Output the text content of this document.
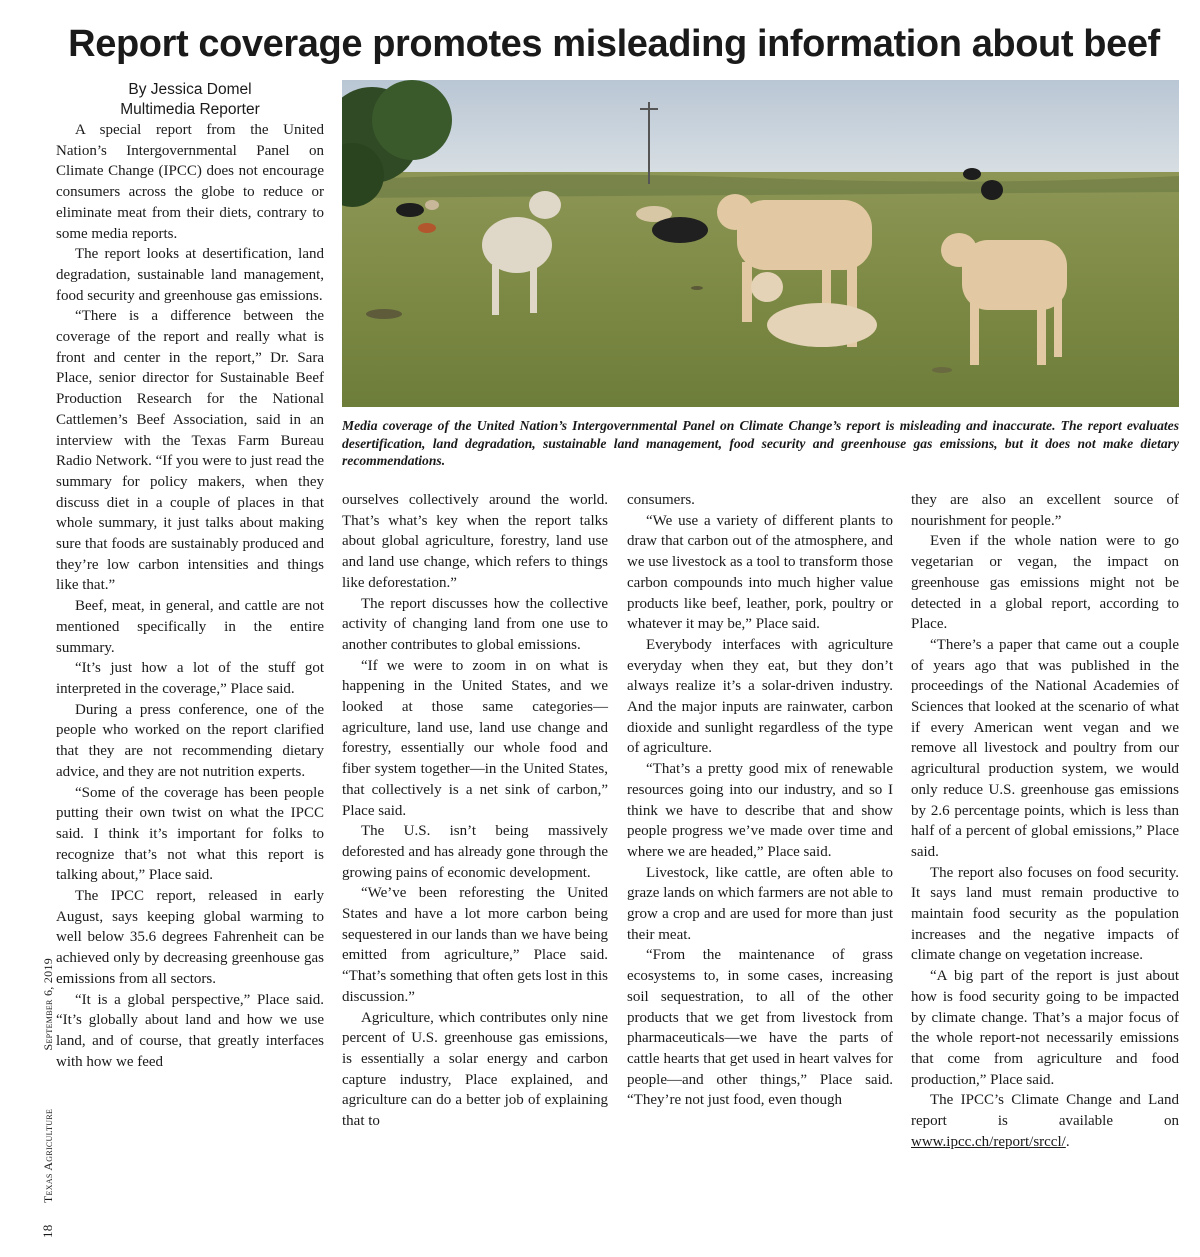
Report coverage promotes misleading information about beef
By Jessica Domel
Multimedia Reporter

A special report from the United Nation’s Intergovernmental Panel on Climate Change (IPCC) does not encourage consumers across the globe to reduce or eliminate meat from their diets, contrary to some media reports.

The report looks at desertification, land degradation, sustainable land management, food security and greenhouse gas emissions.

“There is a difference between the coverage of the report and really what is front and center in the report,” Dr. Sara Place, senior director for Sustainable Beef Production Research for the National Cattlemen’s Beef Association, said in an interview with the Texas Farm Bureau Radio Network. “If you were to just read the summary for policy makers, when they discuss diet in a couple of places in that whole summary, it just talks about making sure that foods are sustainably produced and they’re low carbon intensities and things like that.”

Beef, meat, in general, and cattle are not mentioned specifically in the entire summary.

“It’s just how a lot of the stuff got interpreted in the coverage,” Place said.

During a press conference, one of the people who worked on the report clarified that they are not recommending dietary advice, and they are not nutrition experts.

“Some of the coverage has been people putting their own twist on what the IPCC said. I think it’s important for folks to recognize that’s not what this report is talking about,” Place said.

The IPCC report, released in early August, says keeping global warming to well below 35.6 degrees Fahrenheit can be achieved only by decreasing greenhouse gas emissions from all sectors.

“It is a global perspective,” Place said. “It’s globally about land and how we use land, and of course, that greatly interfaces with how we feed

Media coverage of the United Nation’s Intergovernmental Panel on Climate Change’s report is misleading and inaccurate. The report evaluates desertification, land degradation, sustainable land management, food security and greenhouse gas emissions, but it does not make dietary recommendations.

ourselves collectively around the world. That’s what’s key when the report talks about global agriculture, forestry, land use and land use change, which refers to things like deforestation.”

The report discusses how the collective activity of changing land from one use to another contributes to global emissions.

“If we were to zoom in on what is happening in the United States, and we looked at those same categories—agriculture, land use, land use change and forestry, essentially our whole food and fiber system together—in the United States, that collectively is a net sink of carbon,” Place said.

The U.S. isn’t being massively deforested and has already gone through the growing pains of economic development.

“We’ve been reforesting the United States and have a lot more carbon being sequestered in our lands than we have being emitted from agriculture,” Place said. “That’s something that often gets lost in this discussion.”

Agriculture, which contributes only nine percent of U.S. greenhouse gas emissions, is essentially a solar energy and carbon capture industry, Place explained, and agriculture can do a better job of explaining that to

consumers.

“We use a variety of different plants to draw that carbon out of the atmosphere, and we use livestock as a tool to transform those carbon compounds into much higher value products like beef, leather, pork, poultry or whatever it may be,” Place said.

Everybody interfaces with agriculture everyday when they eat, but they don’t always realize it’s a solar-driven industry. And the major inputs are rainwater, carbon dioxide and sunlight regardless of the type of agriculture.

“That’s a pretty good mix of renewable resources going into our industry, and so I think we have to describe that and show people progress we’ve made over time and where we are headed,” Place said.

Livestock, like cattle, are often able to graze lands on which farmers are not able to grow a crop and are used for more than just their meat.

“From the maintenance of grass ecosystems to, in some cases, increasing soil sequestration, to all of the other products that we get from livestock from pharmaceuticals—we have the parts of cattle hearts that get used in heart valves for people—and other things,” Place said. “They’re not just food, even though

they are also an excellent source of nourishment for people.”

Even if the whole nation were to go vegetarian or vegan, the impact on greenhouse gas emissions might not be detected in a global report, according to Place.

“There’s a paper that came out a couple of years ago that was published in the proceedings of the National Academies of Sciences that looked at the scenario of what if every American went vegan and we remove all livestock and poultry from our agricultural production system, we would only reduce U.S. greenhouse gas emissions by 2.6 percentage points, which is less than half of a percent of global emissions,” Place said.

The report also focuses on food security. It says land must remain productive to maintain food security as the population increases and the negative impacts of climate change on vegetation increase.

“A big part of the report is just about how is food security going to be impacted by climate change. That’s a major focus of the whole report-not necessarily emissions that come from agriculture and food production,” Place said.

The IPCC’s Climate Change and Land report is available on www.ipcc.ch/report/srccl/.

18 Texas Agriculture September 6, 2019
